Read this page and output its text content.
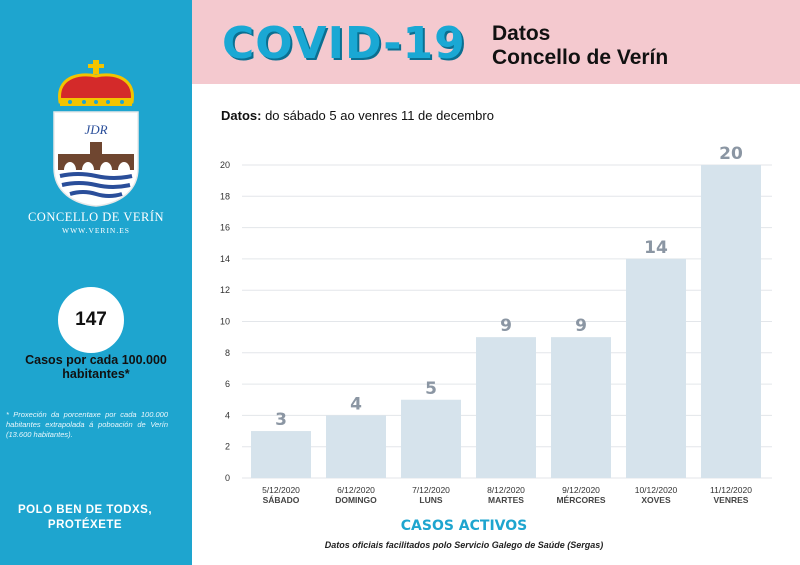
JDR
CONCELLO DE VERÍN
WWW.VERIN.ES
147
Casos por cada 100.000 habitantes*
* Proxeción da porcentaxe por cada 100.000 habitantes extrapolada á poboación de Verín (13.600 habitantes).
POLO BEN DE TODXS,
PROTÉXETE
COVID-19 Datos
Concello de Verín
Datos: do sábado 5 ao venres 11 de decembro
0
2
4
6
8
10
12
14
16
18
20
3
5/12/2020
SÁBADO
4
6/12/2020
DOMINGO
5
7/12/2020
LUNS
9
8/12/2020
MARTES
9
9/12/2020
MÉRCORES
14
10/12/2020
XOVES
20
11/12/2020
VENRES
CASOS ACTIVOS
Datos oficiais facilitados polo Servicio Galego de Saúde (Sergas)
